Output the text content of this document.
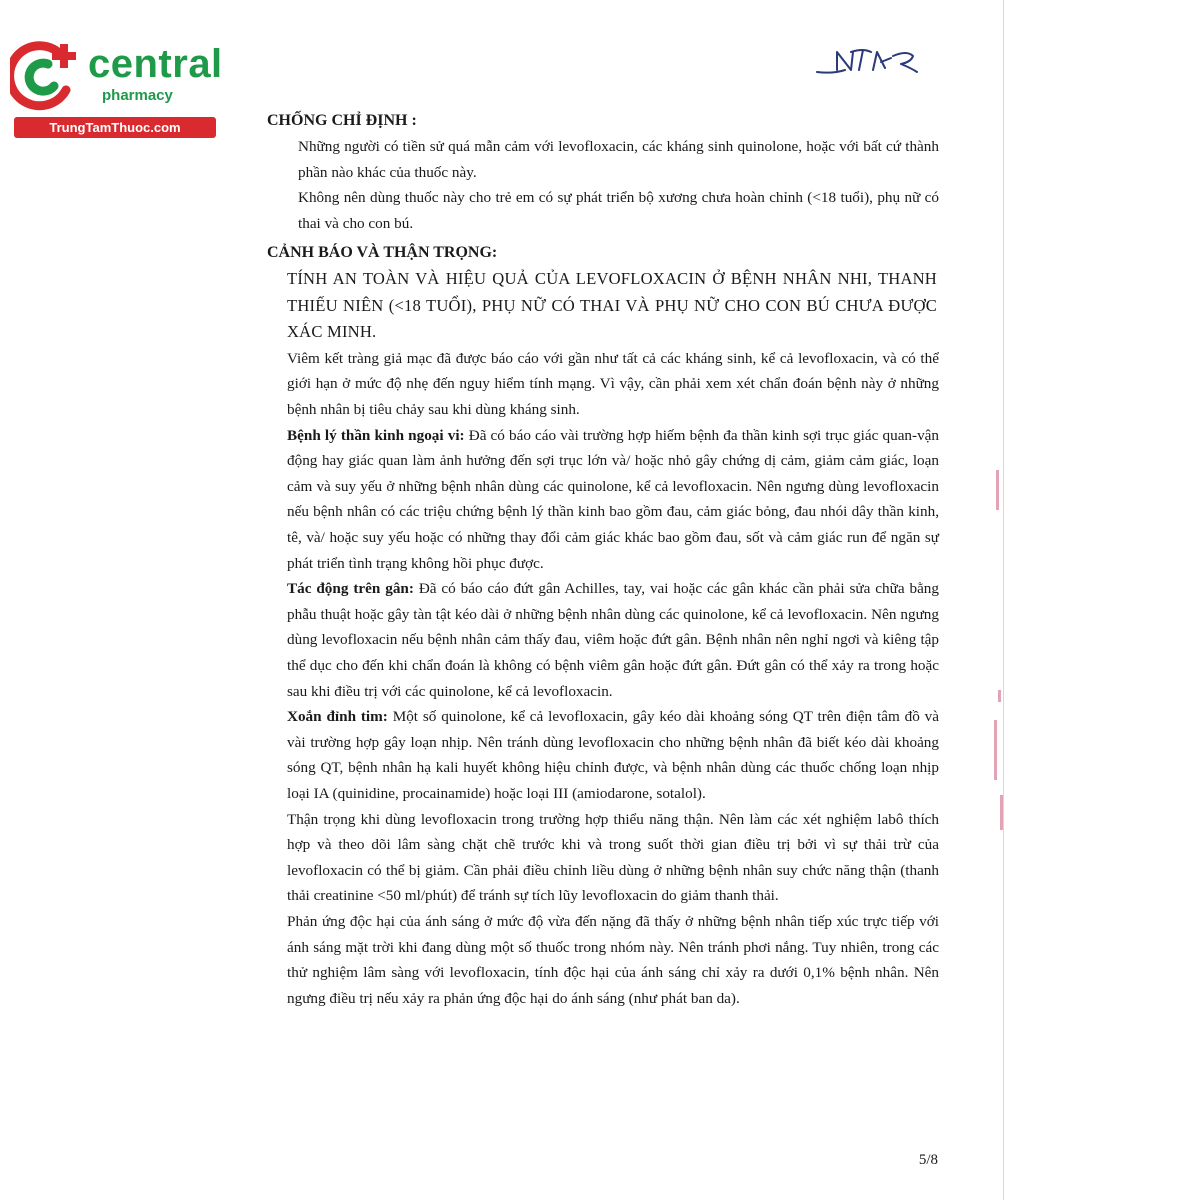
central
pharmacy
TrungTamThuoc.com	CHỐNG CHỈ ĐỊNH :

Những người có tiền sử quá mẫn cảm với levofloxacin, các kháng sinh quinolone, hoặc với bất cứ thành phần nào khác của thuốc này.

Không nên dùng thuốc này cho trẻ em có sự phát triển bộ xương chưa hoàn chỉnh (<18 tuổi), phụ nữ có thai và cho con bú.

CẢNH BÁO VÀ THẬN TRỌNG:

TÍNH AN TOÀN VÀ HIỆU QUẢ CỦA LEVOFLOXACIN Ở BỆNH NHÂN NHI, THANH THIẾU NIÊN (<18 TUỔI), PHỤ NỮ CÓ THAI VÀ PHỤ NỮ CHO CON BÚ CHƯA ĐƯỢC XÁC MINH.

Viêm kết tràng giả mạc đã được báo cáo với gần như tất cả các kháng sinh, kể cả levofloxacin, và có thể giới hạn ở mức độ nhẹ đến nguy hiểm tính mạng. Vì vậy, cần phải xem xét chẩn đoán bệnh này ở những bệnh nhân bị tiêu chảy sau khi dùng kháng sinh.

Bệnh lý thần kinh ngoại vi: Đã có báo cáo vài trường hợp hiếm bệnh đa thần kinh sợi trục giác quan-vận động hay giác quan làm ảnh hưởng đến sợi trục lớn và/ hoặc nhỏ gây chứng dị cảm, giảm cảm giác, loạn cảm và suy yếu ở những bệnh nhân dùng các quinolone, kể cả levofloxacin. Nên ngưng dùng levofloxacin nếu bệnh nhân có các triệu chứng bệnh lý thần kinh bao gồm đau, cảm giác bỏng, đau nhói dây thần kinh, tê, và/ hoặc suy yếu hoặc có những thay đổi cảm giác khác bao gồm đau, sốt và cảm giác run để ngăn sự phát triển tình trạng không hồi phục được.

Tác động trên gân: Đã có báo cáo đứt gân Achilles, tay, vai hoặc các gân khác cần phải sửa chữa bằng phẫu thuật hoặc gây tàn tật kéo dài ở những bệnh nhân dùng các quinolone, kể cả levofloxacin. Nên ngưng dùng levofloxacin nếu bệnh nhân cảm thấy đau, viêm hoặc đứt gân. Bệnh nhân nên nghỉ ngơi và kiêng tập thể dục cho đến khi chẩn đoán là không có bệnh viêm gân hoặc đứt gân. Đứt gân có thể xảy ra trong hoặc sau khi điều trị với các quinolone, kể cả levofloxacin.

Xoắn đỉnh tim: Một số quinolone, kể cả levofloxacin, gây kéo dài khoảng sóng QT trên điện tâm đồ và vài trường hợp gây loạn nhịp. Nên tránh dùng levofloxacin cho những bệnh nhân đã biết kéo dài khoảng sóng QT, bệnh nhân hạ kali huyết không hiệu chỉnh được, và bệnh nhân dùng các thuốc chống loạn nhịp loại IA (quinidine, procainamide) hoặc loại III (amiodarone, sotalol).

Thận trọng khi dùng levofloxacin trong trường hợp thiểu năng thận. Nên làm các xét nghiệm labô thích hợp và theo dõi lâm sàng chặt chẽ trước khi và trong suốt thời gian điều trị bởi vì sự thải trừ của levofloxacin có thể bị giảm. Cần phải điều chỉnh liều dùng ở những bệnh nhân suy chức năng thận (thanh thải creatinine <50 ml/phút) để tránh sự tích lũy levofloxacin do giảm thanh thải.

Phản ứng độc hại của ánh sáng ở mức độ vừa đến nặng đã thấy ở những bệnh nhân tiếp xúc trực tiếp với ánh sáng mặt trời khi đang dùng một số thuốc trong nhóm này. Nên tránh phơi nắng. Tuy nhiên, trong các thử nghiệm lâm sàng với levofloxacin, tính độc hại của ánh sáng chỉ xảy ra dưới 0,1% bệnh nhân. Nên ngưng điều trị nếu xảy ra phản ứng độc hại do ánh sáng (như phát ban da).

5/8
